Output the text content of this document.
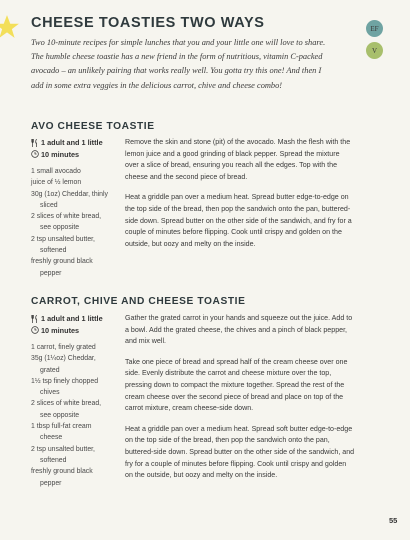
CHEESE TOASTIES TWO WAYS	EF
V

Two 10-minute recipes for simple lunches that you and your little one will love to share. The humble cheese toastie has a new friend in the form of nutritious, vitamin C-packed avocado – an unlikely pairing that works really well. You gotta try this one! And then I add in some extra veggies in the delicious carrot, chive and cheese combo!

AVO CHEESE TOASTIE
1 adult and 1 little
10 minutes
1 small avocado
juice of ½ lemon
30g (1oz) Cheddar, thinly sliced
2 slices of white bread, see opposite
2 tsp unsalted butter, softened
freshly ground black pepper

Remove the skin and stone (pit) of the avocado. Mash the flesh with the lemon juice and a good grinding of black pepper. Spread the mixture over a slice of bread, ensuring you reach all the edges. Top with the cheese and the second piece of bread.

Heat a griddle pan over a medium heat. Spread butter edge-to-edge on the top side of the bread, then pop the sandwich onto the pan, buttered-side down. Spread butter on the other side of the sandwich, and fry for a couple of minutes before flipping. Cook until crispy and golden on the outside, but oozy and melty on the inside.

CARROT, CHIVE AND CHEESE TOASTIE
1 adult and 1 little
10 minutes
1 carrot, finely grated
35g (1¼oz) Cheddar, grated
1½ tsp finely chopped chives
2 slices of white bread, see opposite
1 tbsp full-fat cream cheese
2 tsp unsalted butter, softened
freshly ground black pepper

Gather the grated carrot in your hands and squeeze out the juice. Add to a bowl. Add the grated cheese, the chives and a pinch of black pepper, and mix well.

Take one piece of bread and spread half of the cream cheese over one side. Evenly distribute the carrot and cheese mixture over the top, pressing down to compact the mixture together. Spread the rest of the cream cheese over the second piece of bread and place on top of the carrot mixture, cream cheese-side down.

Heat a griddle pan over a medium heat. Spread soft butter edge-to-edge on the top side of the bread, then pop the sandwich onto the pan, buttered-side down. Spread butter on the other side of the sandwich, and fry for a couple of minutes before flipping. Cook until crispy and golden on the outside, but oozy and melty on the inside.

55
